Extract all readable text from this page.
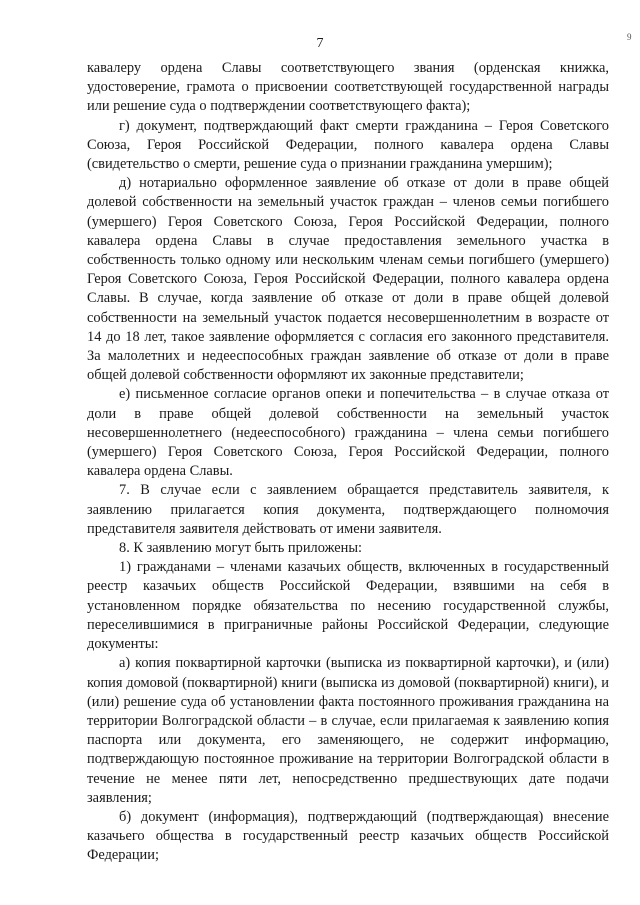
7	9

кавалеру ордена Славы соответствующего звания (орденская книжка, удостоверение, грамота о присвоении соответствующей государственной награды или решение суда о подтверждении соответствующего факта);

г) документ, подтверждающий факт смерти гражданина – Героя Советского Союза, Героя Российской Федерации, полного кавалера ордена Славы (свидетельство о смерти, решение суда о признании гражданина умершим);

д) нотариально оформленное заявление об отказе от доли в праве общей долевой собственности на земельный участок граждан – членов семьи погибшего (умершего) Героя Советского Союза, Героя Российской Федерации, полного кавалера ордена Славы в случае предоставления земельного участка в собственность только одному или нескольким членам семьи погибшего (умершего) Героя Советского Союза, Героя Российской Федерации, полного кавалера ордена Славы. В случае, когда заявление об отказе от доли в праве общей долевой собственности на земельный участок подается несовершеннолетним в возрасте от 14 до 18 лет, такое заявление оформляется с согласия его законного представителя. За малолетних и недееспособных граждан заявление об отказе от доли в праве общей долевой собственности оформляют их законные представители;

е) письменное согласие органов опеки и попечительства – в случае отказа от доли в праве общей долевой собственности на земельный участок несовершеннолетнего (недееспособного) гражданина – члена семьи погибшего (умершего) Героя Советского Союза, Героя Российской Федерации, полного кавалера ордена Славы.

7. В случае если с заявлением обращается представитель заявителя, к заявлению прилагается копия документа, подтверждающего полномочия представителя заявителя действовать от имени заявителя.

8. К заявлению могут быть приложены:

1) гражданами – членами казачьих обществ, включенных в государственный реестр казачьих обществ Российской Федерации, взявшими на себя в установленном порядке обязательства по несению государственной службы, переселившимися в приграничные районы Российской Федерации, следующие документы:

а) копия поквартирной карточки (выписка из поквартирной карточки), и (или) копия домовой (поквартирной) книги (выписка из домовой (поквартирной) книги), и (или) решение суда об установлении факта постоянного проживания гражданина на территории Волгоградской области – в случае, если прилагаемая к заявлению копия паспорта или документа, его заменяющего, не содержит информацию, подтверждающую постоянное проживание на территории Волгоградской области в течение не менее пяти лет, непосредственно предшествующих дате подачи заявления;

б) документ (информация), подтверждающий (подтверждающая) внесение казачьего общества в государственный реестр казачьих обществ Российской Федерации;
